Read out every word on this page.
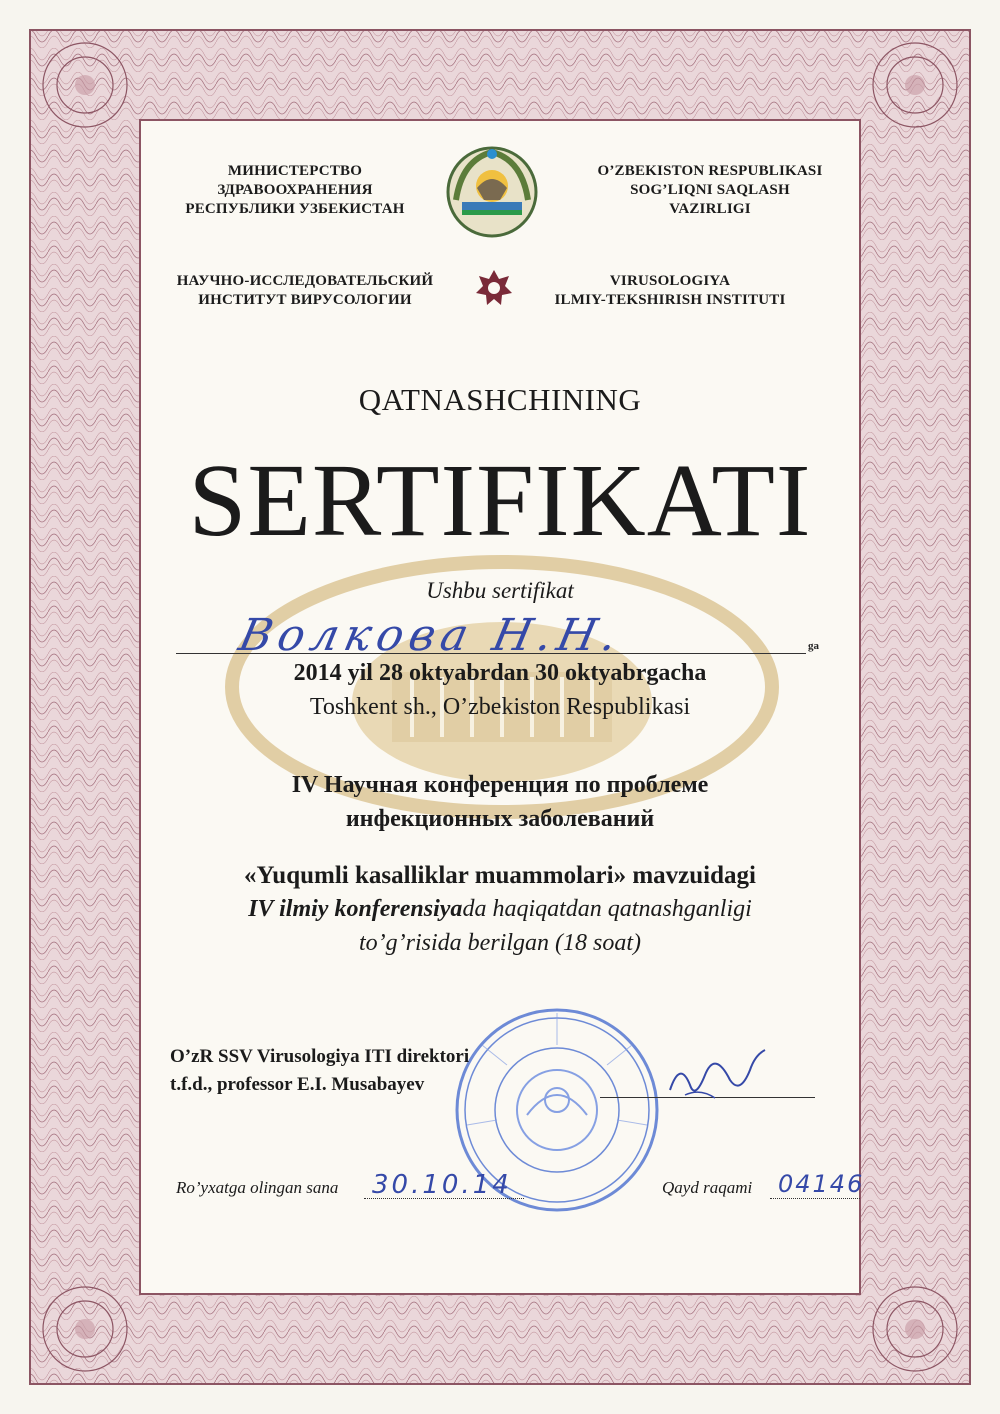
МИНИСТЕРСТВО
ЗДРАВООХРАНЕНИЯ
РЕСПУБЛИКИ УЗБЕКИСТАН
O’ZBEKISTON RESPUBLIKASI
SOG’LIQNI SAQLASH
VAZIRLIGI
НАУЧНО-ИССЛЕДОВАТЕЛЬСКИЙ
ИНСТИТУТ ВИРУСОЛОГИИ
VIRUSOLOGIYA
ILMIY-TEKSHIRISH INSTITUTI
QATNASHCHINING
SERTIFIKATI
Ushbu sertifikat
Волкова Н.Н.	ga
2014 yil 28 oktyabrdan 30 oktyabrgacha
Toshkent sh., O’zbekiston Respublikasi
IV Научная конференция по проблеме
инфекционных заболеваний
«Yuqumli kasalliklar muammolari» mavzuidagi
IV ilmiy konferensiyada haqiqatdan qatnashganligi
to’g’risida berilgan (18 soat)
O’zR SSV Virusologiya ITI direktori
t.f.d., professor E.I. Musabayev
Ro’yxatga olingan sana 30.10.14	Qayd raqami 04146
